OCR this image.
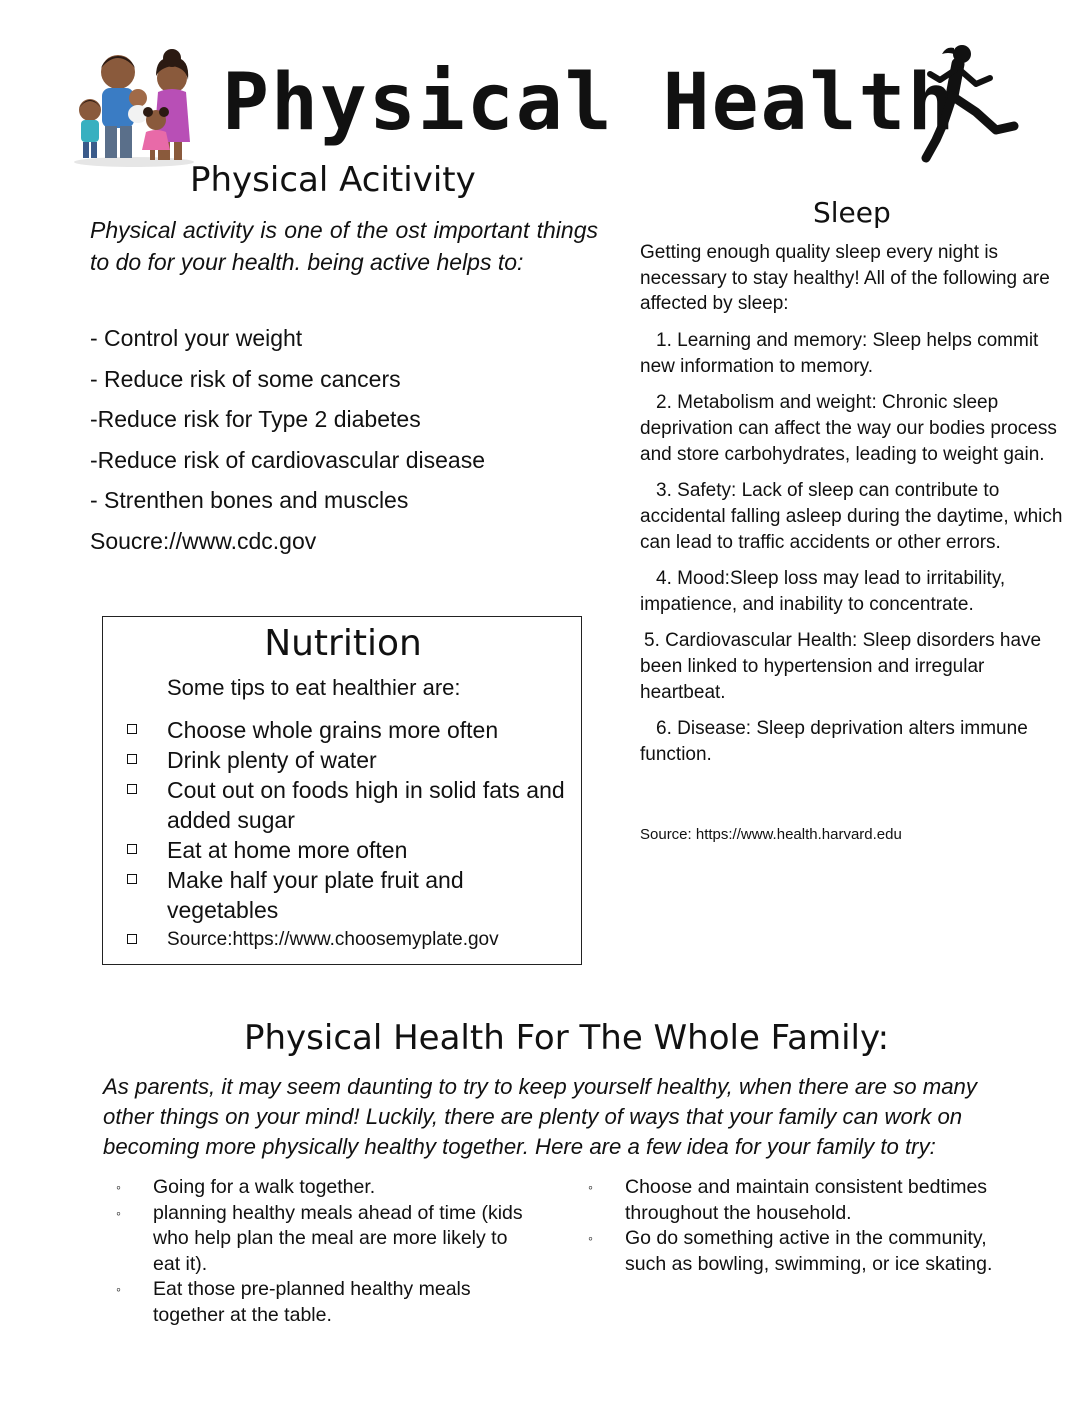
Physical Health
Physical Acitivity
Physical activity is one of the ost important things to do for your health. being active helps to:
- Control your weight
- Reduce risk of some cancers
-Reduce risk for Type 2 diabetes
-Reduce risk of cardiovascular disease
- Strenthen bones and muscles
Soucre://www.cdc.gov
Nutrition
Some tips to eat healthier are:
Choose whole grains more often
Drink plenty of water
Cout out on foods high in solid fats and added sugar
Eat at home more often
Make half your plate fruit and vegetables
Source:https://www.choosemyplate.gov
Sleep
Getting enough quality sleep every night is necessary to stay healthy! All of the following are affected by sleep:
1. Learning and memory: Sleep helps commit new information to memory.
2. Metabolism and weight: Chronic sleep deprivation can affect the way our bodies process and store carbohydrates, leading to weight gain.
3. Safety: Lack of sleep can contribute to accidental falling asleep during the daytime, which can lead to traffic accidents or other errors.
4. Mood:Sleep loss may lead to irritability, impatience, and inability to concentrate.
5. Cardiovascular Health: Sleep disorders have been linked to hypertension and irregular heartbeat.
6. Disease: Sleep deprivation alters immune function.
Source: https://www.health.harvard.edu
Physical Health For The Whole Family:
As parents, it may seem daunting to try to keep yourself healthy, when there are so many other things on your mind! Luckily, there are plenty of ways that your family can work on becoming more physically healthy together. Here are a few idea for your family to try:
◦ Going for a walk together.
◦ planning healthy meals ahead of time (kids who help plan the meal are more likely to eat it).
◦ Eat those pre-planned healthy meals together at the table.
◦ Choose and maintain consistent bedtimes throughout the household.
◦ Go do something active in the community, such as bowling, swimming, or ice skating.
